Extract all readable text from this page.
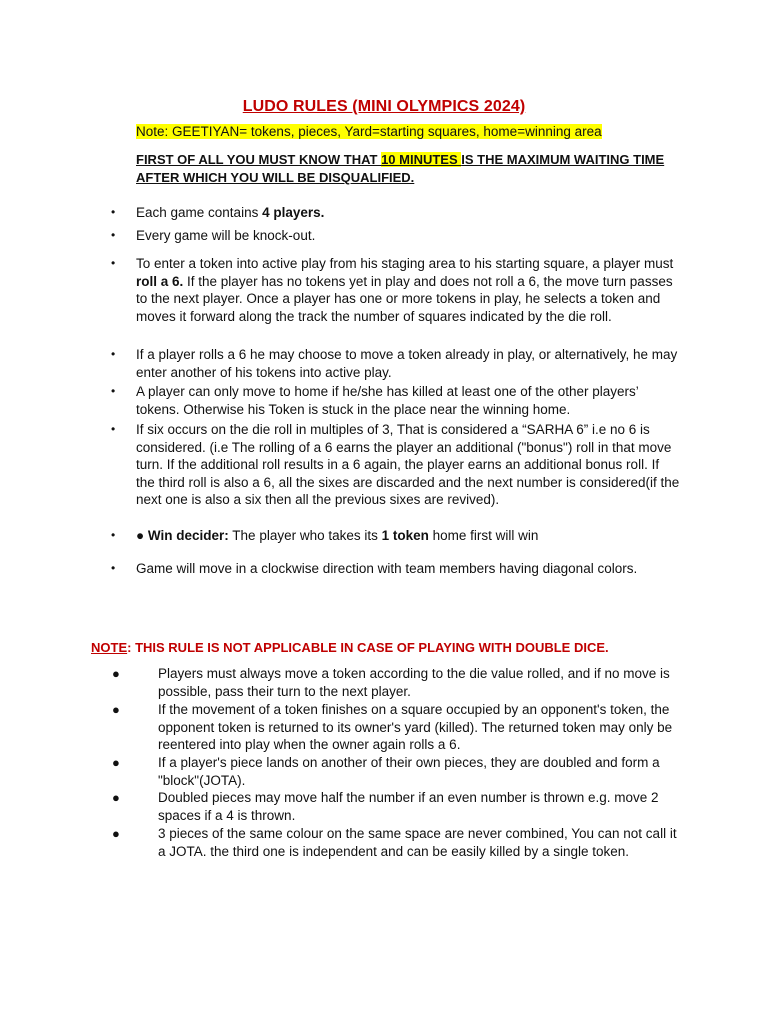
LUDO RULES (MINI OLYMPICS 2024)
Note: GEETIYAN= tokens, pieces, Yard=starting squares, home=winning area
FIRST OF ALL YOU MUST KNOW THAT 10 MINUTES IS THE MAXIMUM WAITING TIME AFTER WHICH YOU WILL BE DISQUALIFIED.
• Each game contains 4 players.
• Every game will be knock-out.
• To enter a token into active play from his staging area to his starting square, a player must roll a 6. If the player has no tokens yet in play and does not roll a 6, the move turn passes to the next player. Once a player has one or more tokens in play, he selects a token and moves it forward along the track the number of squares indicated by the die roll.
• If a player rolls a 6 he may choose to move a token already in play, or alternatively, he may enter another of his tokens into active play.
• A player can only move to home if he/she has killed at least one of the other players’ tokens. Otherwise his Token is stuck in the place near the winning home.
• If six occurs on the die roll in multiples of 3, That is considered a “SARHA 6” i.e no 6 is considered. (i.e The rolling of a 6 earns the player an additional ("bonus") roll in that move turn. If the additional roll results in a 6 again, the player earns an additional bonus roll. If the third roll is also a 6, all the sixes are discarded and the next number is considered(if the next one is also a six then all the previous sixes are revived).
• ● Win decider: The player who takes its 1 token home first will win
• Game will move in a clockwise direction with team members having diagonal colors.
NOTE: THIS RULE IS NOT APPLICABLE IN CASE OF PLAYING WITH DOUBLE DICE.
●	Players must always move a token according to the die value rolled, and if no move is possible, pass their turn to the next player.
●	If the movement of a token finishes on a square occupied by an opponent's token, the opponent token is returned to its owner's yard (killed). The returned token may only be reentered into play when the owner again rolls a 6.
●	If a player's piece lands on another of their own pieces, they are doubled and form a "block"(JOTA).
●	Doubled pieces may move half the number if an even number is thrown e.g. move 2 spaces if a 4 is thrown.
●	3 pieces of the same colour on the same space are never combined, You can not call it a JOTA. the third one is independent and can be easily killed by a single token.
